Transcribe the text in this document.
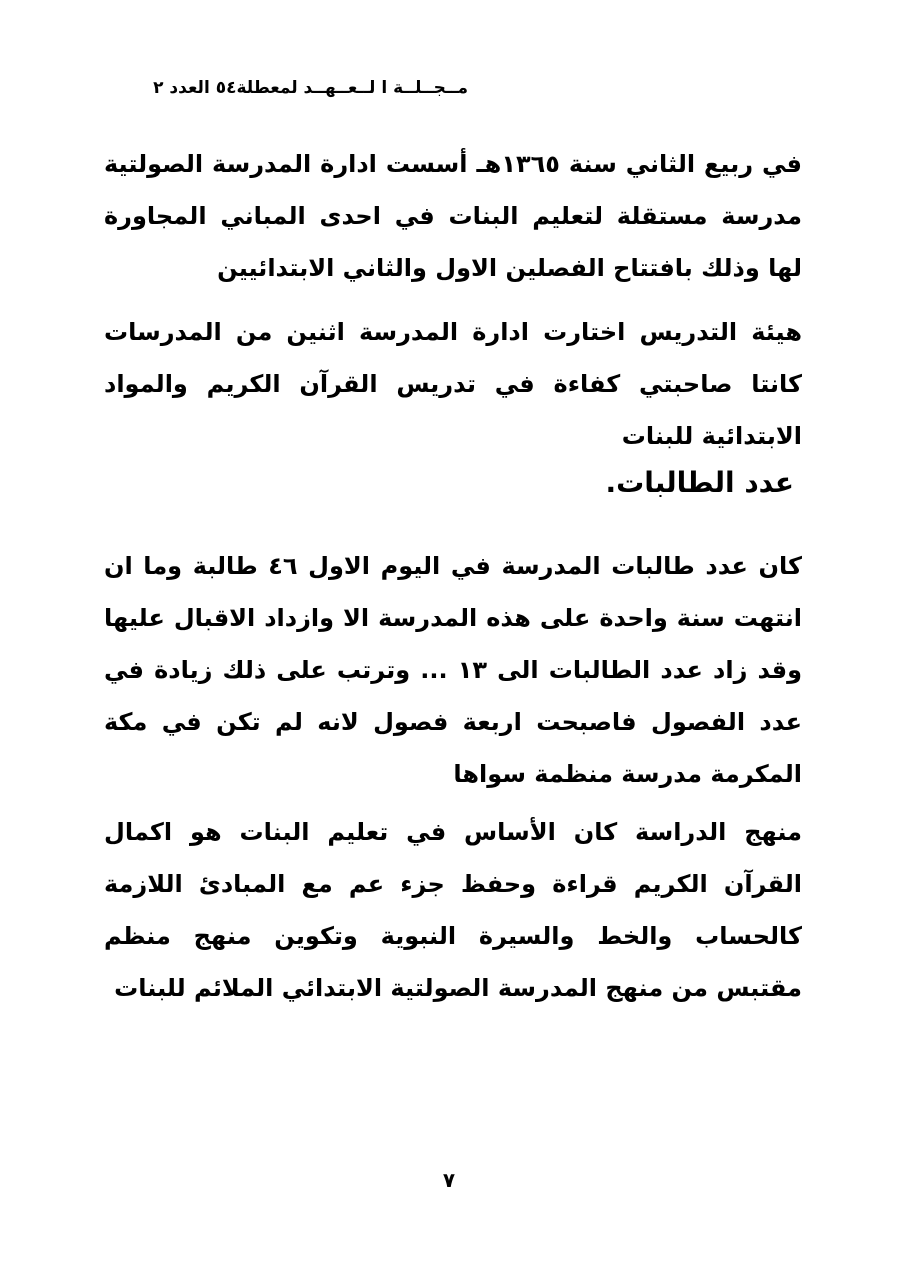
مــجــلــة ا لــعــهــد لمعطلة٥٤ العدد ٢
في ربيع الثاني سنة ١٣٦٥هـ أسست ادارة المدرسة الصولتية مدرسة مستقلة لتعليم البنات في احدى المباني المجاورة لها وذلك بافتتاح الفصلين الاول والثاني الابتدائيين
هيئة التدريس اختارت ادارة المدرسة اثنين من المدرسات كانتا صاحبتي كفاءة في تدريس القرآن الكريم والمواد الابتدائية للبنات
عدد الطالبات.
كان عدد طالبات المدرسة في اليوم الاول ٤٦ طالبة وما ان انتهت سنة واحدة على هذه المدرسة الا وازداد الاقبال عليها وقد زاد عدد الطالبات الى ١٣ ... وترتب على ذلك زيادة في عدد الفصول فاصبحت اربعة فصول لانه لم تكن في مكة المكرمة مدرسة منظمة سواها
منهج الدراسة كان الأساس في تعليم البنات هو اكمال القرآن الكريم قراءة وحفظ جزء عم مع المبادئ اللازمة كالحساب والخط والسيرة النبوية وتكوين منهج منظم مقتبس من منهج المدرسة الصولتية الابتدائي الملائم للبنات
٧
